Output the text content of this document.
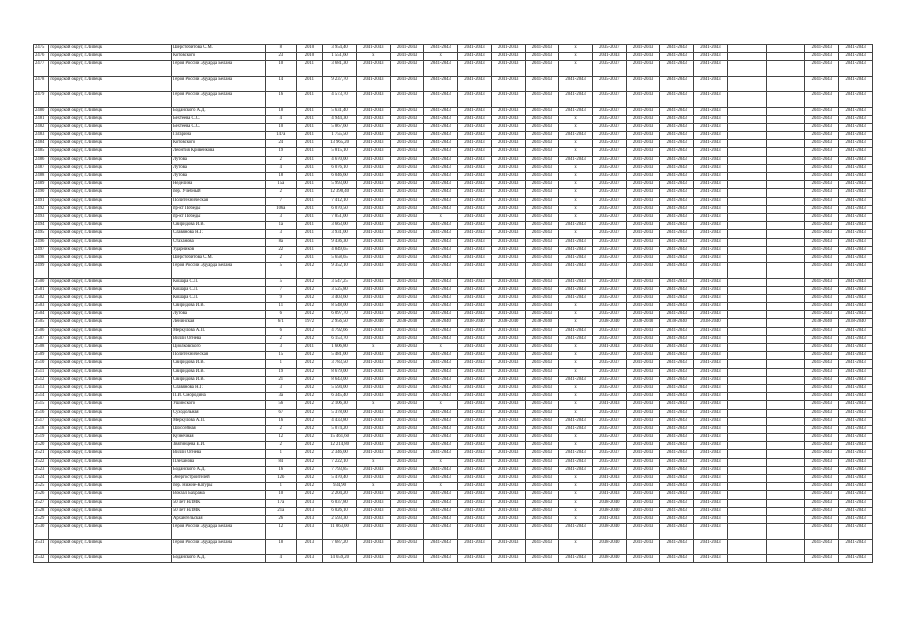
2475	городской округ, г.Липецк	Шерстобитова С.М.	8	2010	3 954,40	2041-2043	2041-2043	2041-2043	2041-2043	2041-2043	2041-2043	x	2035-2037	2041-2043	2041-2043	2041-2043			2041-2043	2041-2043
2476	городской округ, г.Липецк	Котовского	23	2010	1 551,60	x	2041-2043	x	2041-2043	2041-2043	2041-2043	x	2041-2043	2041-2043	2041-2043	2041-2043			2041-2043	2041-2043
2477	городской округ, г.Липецк	Героя России Эдуарда Белана	10	2011	3 681,30	2041-2043	2041-2043	2041-2043	2041-2043	2041-2043	2041-2043	x	2035-2037	2041-2043	2041-2043	2041-2043			2041-2043	2041-2043
2478	городской округ, г.Липецк	Героя России Эдуарда Белана	14	2011	9 237,70	2041-2043	2041-2043	2041-2043	2041-2043	2041-2043	2041-2043	2041-2043	2035-2037	2041-2043	2041-2043	2041-2043			2041-2043	2041-2043
2479	городской округ, г.Липецк	Героя России Эдуарда Белана	16	2011	4 573,70	2041-2043	2041-2043	2041-2043	2041-2043	2041-2043	2041-2043	2041-2043	2035-2037	2041-2043	2041-2043	2041-2043			2041-2043	2041-2043
2480	городской округ, г.Липецк	Боданского А.Д.	18	2011	5 631,40	2041-2043	2041-2043	2041-2043	2041-2043	2041-2043	2041-2043	2041-2043	2035-2037	2041-2043	2041-2043	2041-2043			2041-2043	2041-2043
2481	городской округ, г.Липецк	Бехтеева С.С.	4	2011	4 944,30	2041-2043	2041-2043	2041-2043	2041-2043	2041-2043	2041-2043	x	2035-2037	2041-2043	2041-2043	2041-2043			2041-2043	2041-2043
2482	городской округ, г.Липецк	Бехтеева С.С.	10	2011	5 867,60	2041-2043	2041-2043	2041-2043	2041-2043	2041-2043	2041-2043	x	2035-2037	2041-2043	2041-2043	2041-2043			2041-2043	2041-2043
2483	городской округ, г.Липецк	Гагарина	147а	2011	1 755,50	2041-2043	2041-2043	2041-2043	2041-2043	2041-2043	2041-2043	2041-2043	2035-2037	2041-2043	2041-2043	2041-2043			2041-2043	2041-2043
2484	городской округ, г.Липецк	Котовского	24	2011	13 965,20	2041-2043	2041-2043	2041-2043	2041-2043	2041-2043	2041-2043	x	2035-2037	2041-2043	2041-2043	2041-2043			2041-2043	2041-2043
2485	городской округ, г.Липецк	Леонтия Кривенкова	19	2011	5 815,10	2041-2043	2041-2043	2041-2043	2041-2043	2041-2043	2041-2043	x	2035-2037	2041-2043	2041-2043	2041-2043			2041-2043	2041-2043
2486	городской округ, г.Липецк	Лутова	2	2011	4 670,00	2041-2043	2041-2043	2041-2043	2041-2043	2041-2043	2041-2043	2041-2043	2035-2037	2041-2043	2041-2043	2041-2043			2041-2043	2041-2043
2487	городской округ, г.Липецк	Лутова	4	2011	6 076,10	2041-2043	2041-2043	2041-2043	2041-2043	2041-2043	2041-2043	x	2035-2037	2041-2043	2041-2043	2041-2043			2041-2043	2041-2043
2488	городской округ, г.Липецк	Лутова	18	2011	6 046,60	2041-2043	2041-2043	2041-2043	2041-2043	2041-2043	2041-2043	x	2035-2037	2041-2043	2041-2043	2041-2043			2041-2043	2041-2043
2489	городской округ, г.Липецк	Неделина	15а	2011	5 993,00	2041-2043	2041-2043	2041-2043	2041-2043	2041-2043	2041-2043	x	2035-2037	2041-2043	2041-2043	2041-2043			2041-2043	2041-2043
2490	городской округ, г.Липецк	пер. Учебный	2	2011	12 390,40	2041-2043	2041-2043	2041-2043	2041-2043	2041-2043	2041-2043	x	2035-2037	2041-2043	2041-2043	2041-2043			2041-2043	2041-2043
2491	городской округ, г.Липецк	Политехническая	7	2011	7 412,10	2041-2043	2041-2043	2041-2043	2041-2043	2041-2043	2041-2043	x	2035-2037	2041-2043	2041-2043	2041-2043			2041-2043	2041-2043
2492	городской округ, г.Липецк	пр-кт Победы	106а	2011	6 070,50	2041-2043	2041-2043	2041-2043	2041-2043	2041-2043	2041-2043	x	2035-2037	2041-2043	2041-2043	2041-2043			2041-2043	2041-2043
2493	городской округ, г.Липецк	пр-кт Победы	3	2011	7 851,00	2041-2043	2041-2043	x	2041-2043	2041-2043	2041-2043	x	2035-2037	2041-2043	2041-2043	2041-2043			2041-2043	2041-2043
2494	городской округ, г.Липецк	Свиридова И.В.	1а	2011	3 663,00	2041-2043	2041-2043	2041-2043	2041-2043	2041-2043	2041-2043	2041-2043	2035-2037	2041-2043	2041-2043	2041-2043			2041-2043	2041-2043
2495	городской округ, г.Липецк	Славянова Н.Г.	3	2011	3 931,00	2041-2043	2041-2043	2041-2043	2041-2043	2041-2043	2041-2043	x	2035-2037	2041-2043	2041-2043	2041-2043			2041-2043	2041-2043
2496	городской округ, г.Липецк	Стахановa	8а	2011	9 436,30	2041-2043	2041-2043	2041-2043	2041-2043	2041-2043	2041-2043	2041-2043	2035-2037	2041-2043	2041-2043	2041-2043			2041-2043	2041-2043
2497	городской округ, г.Липецк	Ударников	22	2011	4 849,65	2041-2043	2041-2043	2041-2043	2041-2043	2041-2043	2041-2043	2041-2043	2035-2037	2041-2043	2041-2043	2041-2043			2041-2043	2041-2043
2498	городской округ, г.Липецк	Шерстобитова С.М.	2	2011	5 658,65	2041-2043	2041-2043	2041-2043	2041-2043	2041-2043	2041-2043	2041-2043	2035-2037	2041-2043	2041-2043	2041-2043			2041-2043	2041-2043
2499	городской округ, г.Липецк	Героя России Эдуарда Белана	5	2012	9 352,10	2041-2043	2041-2043	2041-2043	2041-2043	2041-2043	2041-2043	2041-2043	2035-2037	2041-2043	2041-2043	2041-2043			2041-2043	2041-2043
2500	городской округ, г.Липецк	Кошарa С.Л.	5	2012	3 547,25	2041-2043	2041-2043	2041-2043	2041-2043	2041-2043	2041-2043	2041-2043	2035-2037	2041-2043	2041-2043	2041-2043			2041-2043	2041-2043
2501	городской округ, г.Липецк	Кошарa С.Л.	7	2012	3 525,80	2041-2043	2041-2043	2041-2043	2041-2043	2041-2043	2041-2043	2041-2043	2035-2037	2041-2043	2041-2043	2041-2043			2041-2043	2041-2043
2502	городской округ, г.Липецк	Кошарa С.Л.	9	2012	3 403,60	2041-2043	2041-2043	2041-2043	2041-2043	2041-2043	2041-2043	2041-2043	2035-2037	2041-2043	2041-2043	2041-2043			2041-2043	2041-2043
2503	городской округ, г.Липецк	Свиридова И.В.	11	2012	8 548,00	2041-2043	2041-2043	2041-2043	2041-2043	2041-2043	2041-2043	x	2035-2037	2041-2043	2041-2043	2041-2043			2041-2043	2041-2043
2504	городской округ, г.Липецк	Лутова	6	2012	6 097,70	2041-2043	2041-2043	2041-2043	2041-2043	2041-2043	2041-2043	x	2035-2037	2041-2043	2041-2043	2041-2043			2041-2043	2041-2043
2505	городской округ, г.Липецк	Ленинская	6/1	1972	2 956,50	2038-2040	2038-2040	2038-2040	2038-2040	2038-2040	2038-2040	x	2038-2040	2038-2040	2038-2040	2038-2040			2038-2040	2038-2040
2506	городской округ, г.Липецк	Меркулова А.П.	6	2012	4 792,66	2041-2043	2041-2043	2041-2043	2041-2043	2041-2043	2041-2043	2041-2043	2035-2037	2041-2043	2041-2043	2041-2043			2041-2043	2041-2043
2507	городской округ, г.Липецк	Вилли Огнева	2	2012	6 153,70	2041-2043	2041-2043	2041-2043	2041-2043	2041-2043	2041-2043	2041-2043	2035-2037	2041-2043	2041-2043	2041-2043			2041-2043	2041-2043
2508	городской округ, г.Липецк	Циолковского	3	2011	1 606,80	x	2041-2043	x	2041-2043	2041-2043	2041-2043	x	2041-2043	2041-2043	2041-2043	2041-2043			2041-2043	2041-2043
2509	городской округ, г.Липецк	Политехническая	15	2012	5 481,00	2041-2043	2041-2043	2041-2043	2041-2043	2041-2043	2041-2043	x	2035-2037	2041-2043	2041-2043	2041-2043			2041-2043	2041-2043
2510	городской округ, г.Липецк	Свиридова И.В.	1	2012	3 783,50	2041-2043	2041-2043	2041-2043	2041-2043	2041-2043	2041-2043	x	2035-2037	2041-2043	2041-2043	2041-2043			2041-2043	2041-2043
2511	городской округ, г.Липецк	Свиридова И.В.	19	2012	8 679,00	2041-2043	2041-2043	2041-2043	2041-2043	2041-2043	2041-2043	x	2035-2037	2041-2043	2041-2043	2041-2043			2041-2043	2041-2043
2512	городской округ, г.Липецк	Свиридова И.В.	21	2012	8 643,00	2041-2043	2041-2043	2041-2043	2041-2043	2041-2043	2041-2043	2041-2043	2035-2037	2041-2043	2041-2043	2041-2043			2041-2043	2041-2043
2513	городской округ, г.Липецк	Славянова Н.Г.	3	2012	5 594,00	2041-2043	2041-2043	2041-2043	2041-2043	2041-2043	2041-2043	x	2035-2037	2041-2043	2041-2043	2041-2043			2041-2043	2041-2043
2514	городской округ, г.Липецк	П.И. Смородина	3а	2012	6 345,40	2041-2043	2041-2043	2041-2043	2041-2043	2041-2043	2041-2043	x	2035-2037	2041-2043	2041-2043	2041-2043			2041-2043	2041-2043
2515	городской округ, г.Липецк	Ушинского	56	2012	2 106,30	x	2041-2043	x	2041-2043	2041-2043	2041-2043	x	2041-2043	2041-2043	2041-2043	2041-2043			2041-2043	2041-2043
2516	городской округ, г.Липецк	Суходольная	67	2012	5 378,00	2041-2043	2041-2043	2041-2043	2041-2043	2041-2043	2041-2043	x	2035-2037	2041-2043	2041-2043	2041-2043			2041-2043	2041-2043
2517	городской округ, г.Липецк	Меркулова А.П.	16	2012	4 433,80	2041-2043	2041-2043	2041-2043	2041-2043	2041-2043	2041-2043	2041-2043	2035-2037	2041-2043	2041-2043	2041-2043			2041-2043	2041-2043
2518	городской округ, г.Липецк	Шоссейная	2	2012	5 074,20	2041-2043	2041-2043	2041-2043	2041-2043	2041-2043	2041-2043	2041-2043	2035-2037	2041-2043	2041-2043	2041-2043			2041-2043	2041-2043
2519	городской округ, г.Липецк	Кузнечная	12	2012	15 461,60	2041-2043	2041-2043	2041-2043	2041-2043	2041-2043	2041-2043	x	2035-2037	2041-2043	2041-2043	2041-2043			2041-2043	2041-2043
2520	городской округ, г.Липецк	Звягинцева Е.И.	2	2012	12 214,80	2041-2043	2041-2043	2041-2043	2041-2043	2041-2043	2041-2043	x	2035-2037	2041-2043	2041-2043	2041-2043			2041-2043	2041-2043
2521	городской округ, г.Липецк	Вилли Огнева	1	2012	2 346,00	2041-2043	2041-2043	2041-2043	2041-2043	2041-2043	2041-2043	2041-2043	2035-2037	2041-2043	2041-2043	2041-2043			2041-2043	2041-2043
2522	городской округ, г.Липецк	Плеханова	84	2012	7 222,10	x	2041-2043	x	2041-2043	2041-2043	2041-2043	2041-2043	2035-2037	2041-2043	2041-2043	2041-2043			2041-2043	2041-2043
2523	городской округ, г.Липецк	Боданского А.Д.	16	2012	7 793,85	2041-2043	2041-2043	2041-2043	2041-2043	2041-2043	2041-2043	2041-2043	2035-2037	2041-2043	2041-2043	2041-2043			2041-2043	2041-2043
2524	городской округ, г.Липецк	Энергостроителей	12б	2012	5 470,40	2041-2043	2041-2043	2041-2043	2041-2043	2041-2043	2041-2043	x	2041-2043	2041-2043	2041-2043	2041-2043			2041-2043	2041-2043
2525	городской округ, г.Липецк	пер. Нижне-Катуры	1	2012	934,90	x	2041-2043	x	2041-2043	2041-2043	2041-2043	x	2041-2043	2041-2043	2041-2043	2041-2043			2041-2043	2041-2043
2526	городской округ, г.Липецк	Вокзал Бахрама	10	2012	2 204,20	2041-2043	2041-2043	2041-2043	2041-2043	2041-2043	2041-2043	x	2041-2043	2041-2043	2041-2043	2041-2043			2041-2043	2041-2043
2527	городской округ, г.Липецк	50 лет НЛМК	17а	2013	6 037,80	2041-2043	2041-2043	2041-2043	2041-2043	2041-2043	2041-2043	x	2038-2040	2041-2043	2041-2043	2041-2043			2041-2043	2041-2043
2528	городской округ, г.Липецк	50 лет НЛМК	21а	2013	6 026,10	2041-2043	2041-2043	2041-2043	2041-2043	2041-2043	2041-2043	x	2038-2040	2041-2043	2041-2043	2041-2043			2041-2043	2041-2043
2529	городской округ, г.Липецк	Архангельская	26	2013	2 593,30	2041-2043	2041-2043	2041-2043	2041-2043	2041-2043	2041-2043	x	2041-2043	2041-2043	2041-2043	2041-2043			2041-2043	2041-2043
2530	городской округ, г.Липецк	Героя России Эдуарда Белана	12	2013	11 063,00	2041-2043	2041-2043	2041-2043	2041-2043	2041-2043	2041-2043	2041-2043	2038-2040	2041-2043	2041-2043	2041-2043			2041-2043	2041-2043
2531	городской округ, г.Липецк	Героя России Эдуарда Белана	18	2013	7 687,20	2041-2043	2041-2043	2041-2043	2041-2043	2041-2043	2041-2043	x	2038-2040	2041-2043	2041-2043	2041-2043			2041-2043	2041-2043
2532	городской округ, г.Липецк	Боданского А.Д.	4	2013	14 659,20	2041-2043	2041-2043	2041-2043	2041-2043	2041-2043	2041-2043	2041-2043	2038-2040	2041-2043	2041-2043	2041-2043			2041-2043	2041-2043
